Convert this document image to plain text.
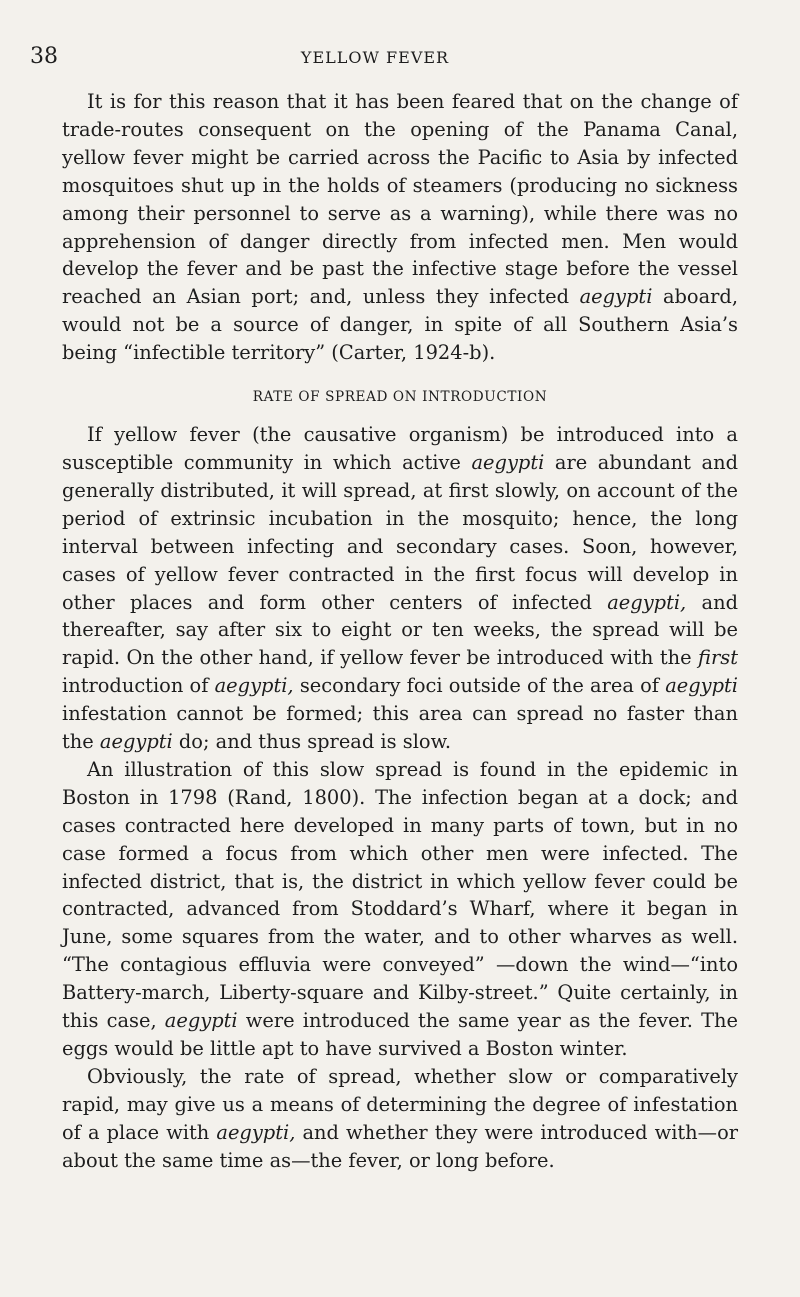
38	YELLOW FEVER

It is for this reason that it has been feared that on the change of trade-routes consequent on the opening of the Panama Canal, yellow fever might be carried across the Pacific to Asia by infected mosquitoes shut up in the holds of steamers (producing no sickness among their personnel to serve as a warning), while there was no apprehension of danger directly from infected men. Men would develop the fever and be past the infective stage before the vessel reached an Asian port; and, unless they infected aegypti aboard, would not be a source of danger, in spite of all Southern Asia’s being “infectible territory” (Carter, 1924-b).

RATE OF SPREAD ON INTRODUCTION

If yellow fever (the causative organism) be introduced into a susceptible community in which active aegypti are abundant and generally distributed, it will spread, at first slowly, on account of the period of extrinsic incubation in the mosquito; hence, the long interval between infecting and secondary cases. Soon, however, cases of yellow fever contracted in the first focus will develop in other places and form other centers of infected aegypti, and thereafter, say after six to eight or ten weeks, the spread will be rapid. On the other hand, if yellow fever be introduced with the first introduction of aegypti, secondary foci outside of the area of aegypti infestation cannot be formed; this area can spread no faster than the aegypti do; and thus spread is slow.

An illustration of this slow spread is found in the epidemic in Boston in 1798 (Rand, 1800). The infection began at a dock; and cases contracted here developed in many parts of town, but in no case formed a focus from which other men were infected. The infected district, that is, the district in which yellow fever could be contracted, advanced from Stoddard’s Wharf, where it began in June, some squares from the water, and to other wharves as well. “The contagious effluvia were conveyed” —down the wind—“into Battery-march, Liberty-square and Kilby-street.” Quite certainly, in this case, aegypti were introduced the same year as the fever. The eggs would be little apt to have survived a Boston winter.

Obviously, the rate of spread, whether slow or comparatively rapid, may give us a means of determining the degree of infestation of a place with aegypti, and whether they were introduced with—or about the same time as—the fever, or long before.
